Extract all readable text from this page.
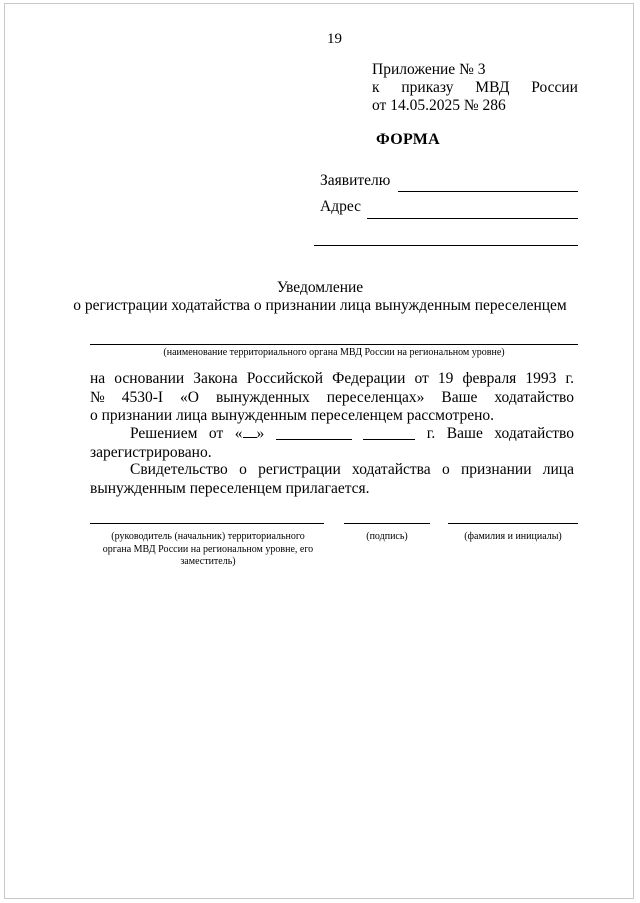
19
Приложение № 3
к приказу МВД России
от 14.05.2025 № 286
ФОРМА
Заявителю
Адрес
Уведомление
о регистрации ходатайства о признании лица вынужденным переселенцем
(наименование территориального органа МВД России на региональном уровне)
на основании Закона Российской Федерации от 19 февраля 1993 г.
№ 4530-I «О вынужденных переселенцах» Ваше ходатайство
о признании лица вынужденным переселенцем рассмотрено.
Решением от « »	г. Ваше ходатайство
зарегистрировано.
Свидетельство о регистрации ходатайства о признании лица
вынужденным переселенцем прилагается.
(руководитель (начальник) территориального органа МВД России на региональном уровне, его заместитель)
(подпись)	(фамилия и инициалы)
